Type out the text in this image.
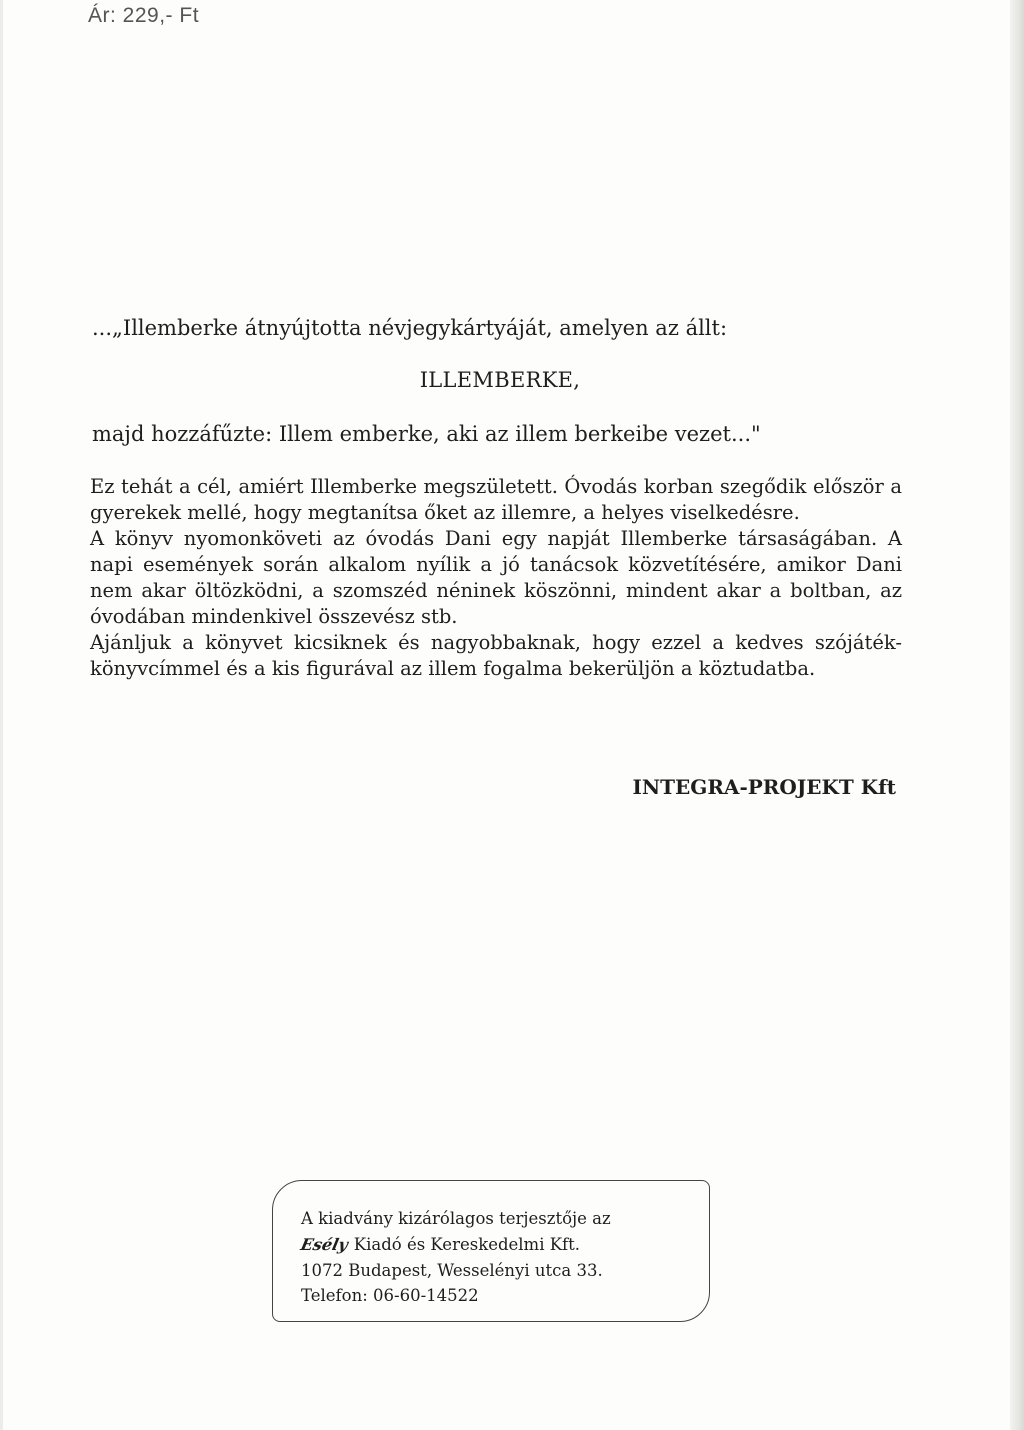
Ár: 229,- Ft
...„Illemberke átnyújtotta névjegykártyáját, amelyen az állt:
ILLEMBERKE,
majd hozzáfűzte: Illem emberke, aki az illem berkeibe vezet..."

Ez tehát a cél, amiért Illemberke megszületett. Óvodás korban szegődik először a gyerekek mellé, hogy megtanítsa őket az illemre, a helyes viselkedésre.

A könyv nyomonköveti az óvodás Dani egy napját Illemberke társaságában. A napi események során alkalom nyílik a jó tanácsok közvetítésére, amikor Dani nem akar öltözködni, a szomszéd néninek köszönni, mindent akar a boltban, az óvodában mindenkivel összevész stb.

Ajánljuk a könyvet kicsiknek és nagyobbaknak, hogy ezzel a kedves szójáték-könyvcímmel és a kis figurával az illem fogalma bekerüljön a köztudatba.

INTEGRA-PROJEKT Kft
A kiadvány kizárólagos terjesztője az
Esély Kiadó és Kereskedelmi Kft.
1072 Budapest, Wesselényi utca 33.
Telefon: 06-60-14522
